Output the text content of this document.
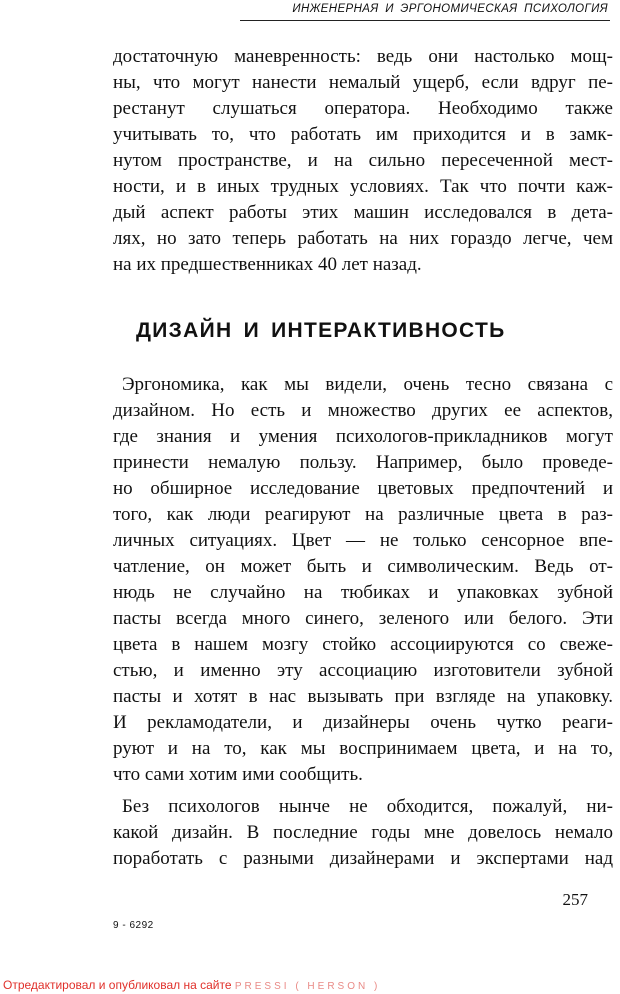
ИНЖЕНЕРНАЯ И ЭРГОНОМИЧЕСКАЯ ПСИХОЛОГИЯ
достаточную маневренность: ведь они настолько мощ-
ны, что могут нанести немалый ущерб, если вдруг пе-
рестанут слушаться оператора. Необходимо также
учитывать то, что работать им приходится и в замк-
нутом пространстве, и на сильно пересеченной мест-
ности, и в иных трудных условиях. Так что почти каж-
дый аспект работы этих машин исследовался в дета-
лях, но зато теперь работать на них гораздо легче, чем
на их предшественниках 40 лет назад.
ДИЗАЙН И ИНТЕРАКТИВНОСТЬ
Эргономика, как мы видели, очень тесно связана с
дизайном. Но есть и множество других ее аспектов,
где знания и умения психологов-прикладников могут
принести немалую пользу. Например, было проведе-
но обширное исследование цветовых предпочтений и
того, как люди реагируют на различные цвета в раз-
личных ситуациях. Цвет — не только сенсорное впе-
чатление, он может быть и символическим. Ведь от-
нюдь не случайно на тюбиках и упаковках зубной
пасты всегда много синего, зеленого или белого. Эти
цвета в нашем мозгу стойко ассоциируются со свеже-
стью, и именно эту ассоциацию изготовители зубной
пасты и хотят в нас вызывать при взгляде на упаковку.
И рекламодатели, и дизайнеры очень чутко реаги-
руют и на то, как мы воспринимаем цвета, и на то,
что сами хотим ими сообщить.
Без психологов нынче не обходится, пожалуй, ни-
какой дизайн. В последние годы мне довелось немало
поработать с разными дизайнерами и экспертами над
257
9 - 6292
Отредактировал и опубликовал на сайте PRESSI ( HERSON )
